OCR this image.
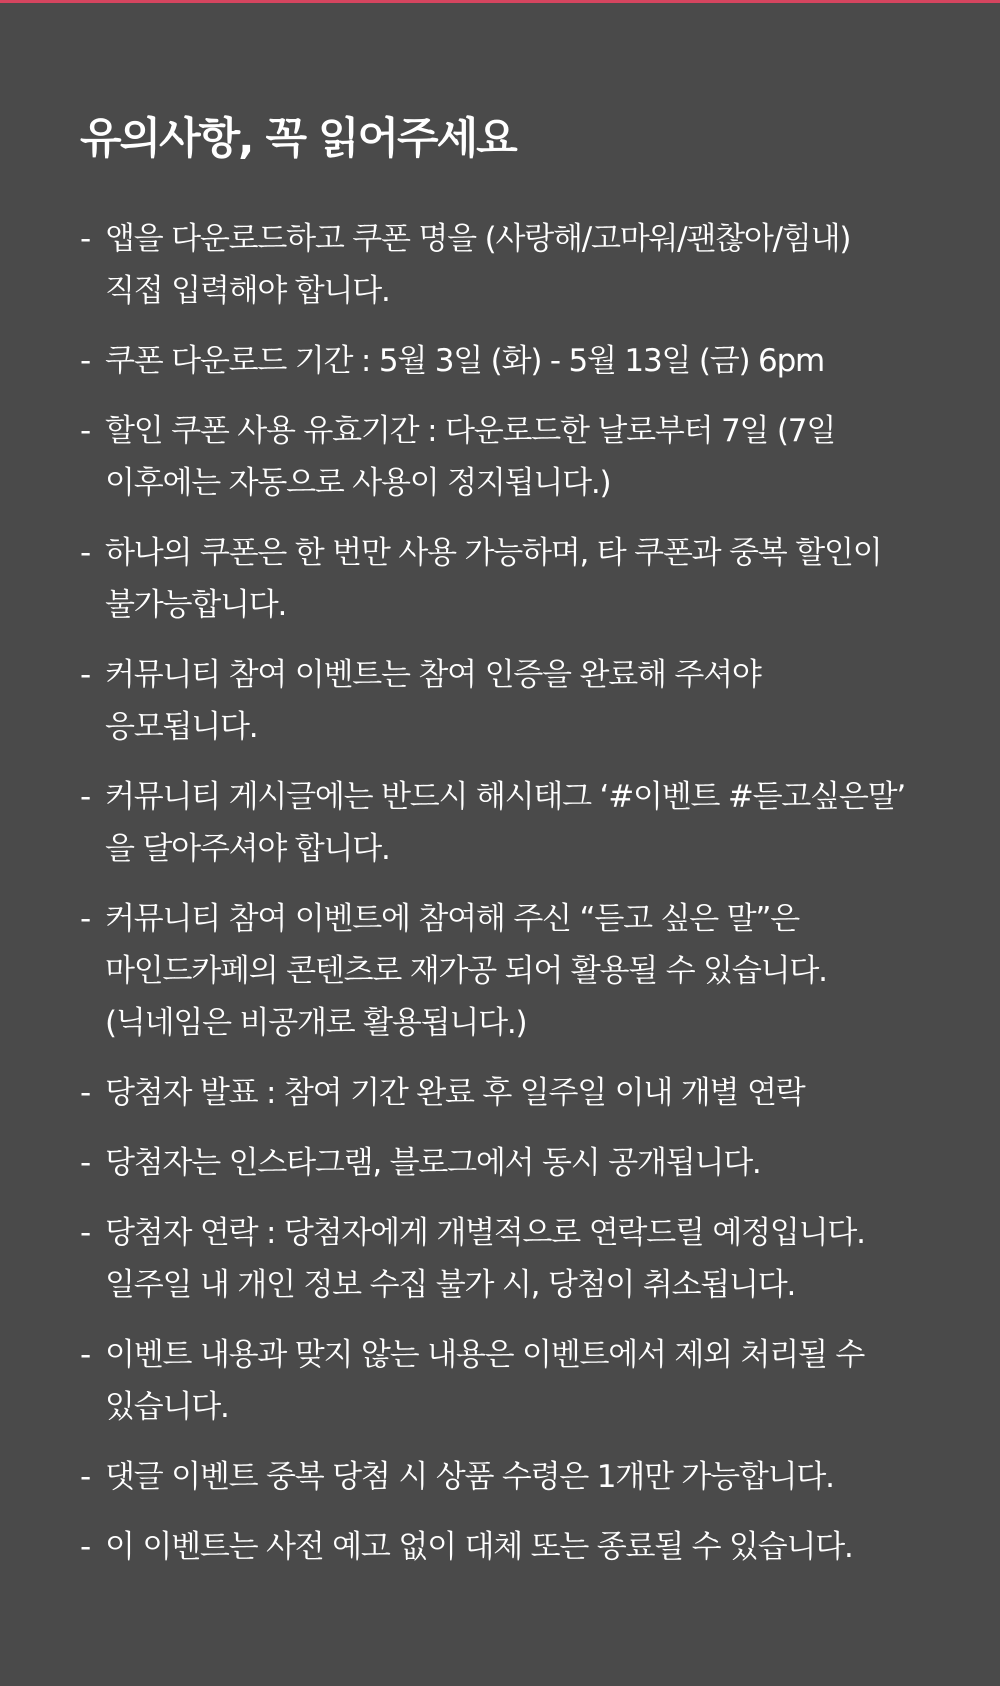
유의사항, 꼭 읽어주세요
- 앱을 다운로드하고 쿠폰 명을 (사랑해/고마워/괜찮아/힘내)
직접 입력해야 합니다.
- 쿠폰 다운로드 기간 : 5월 3일 (화) - 5월 13일 (금) 6pm
- 할인 쿠폰 사용 유효기간 : 다운로드한 날로부터 7일 (7일
이후에는 자동으로 사용이 정지됩니다.)
- 하나의 쿠폰은 한 번만 사용 가능하며, 타 쿠폰과 중복 할인이
불가능합니다.
- 커뮤니티 참여 이벤트는 참여 인증을 완료해 주셔야
응모됩니다.
- 커뮤니티 게시글에는 반드시 해시태그 ‘#이벤트 #듣고싶은말’
을 달아주셔야 합니다.
- 커뮤니티 참여 이벤트에 참여해 주신 “듣고 싶은 말”은
마인드카페의 콘텐츠로 재가공 되어 활용될 수 있습니다.
(닉네임은 비공개로 활용됩니다.)
- 당첨자 발표 : 참여 기간 완료 후 일주일 이내 개별 연락
- 당첨자는 인스타그램, 블로그에서 동시 공개됩니다.
- 당첨자 연락 : 당첨자에게 개별적으로 연락드릴 예정입니다.
일주일 내 개인 정보 수집 불가 시, 당첨이 취소됩니다.
- 이벤트 내용과 맞지 않는 내용은 이벤트에서 제외 처리될 수
있습니다.
- 댓글 이벤트 중복 당첨 시 상품 수령은 1개만 가능합니다.
- 이 이벤트는 사전 예고 없이 대체 또는 종료될 수 있습니다.
